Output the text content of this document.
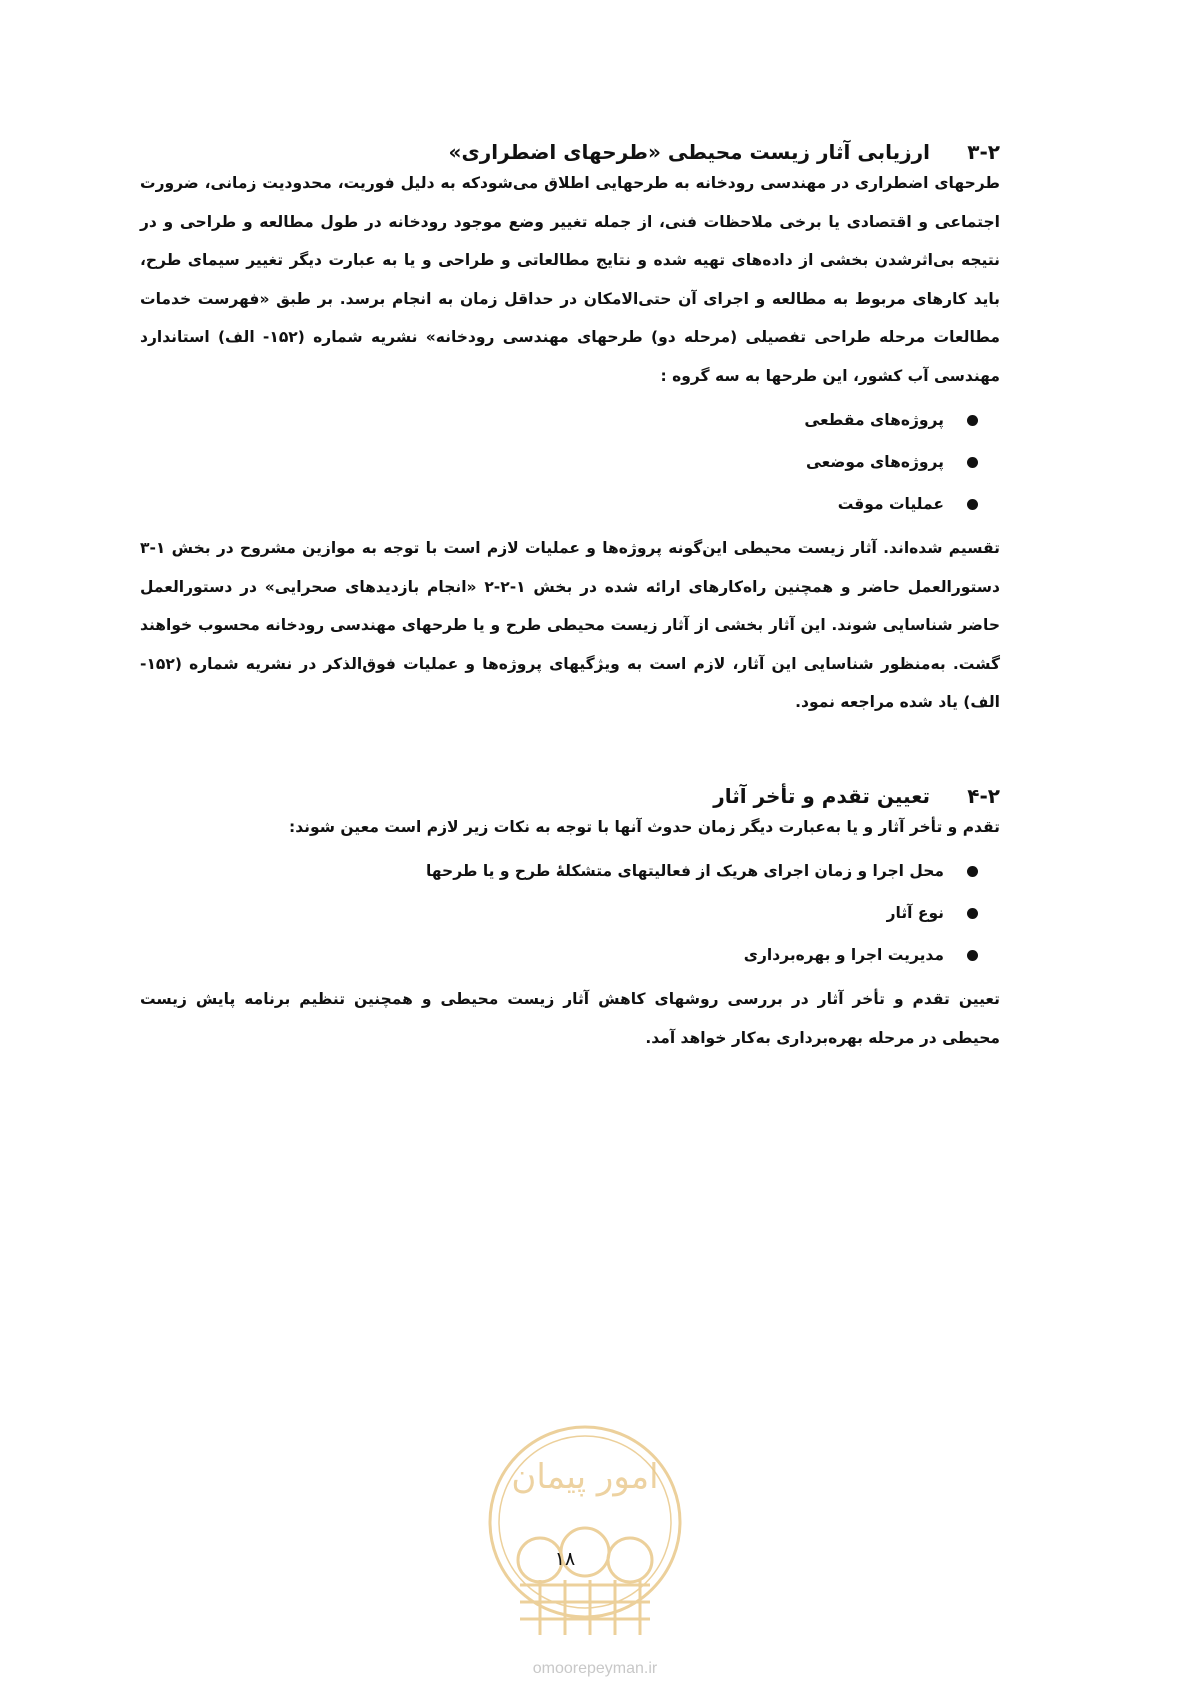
۳-۲
ارزیابی آثار زیست محیطی «طرحهای اضطراری»

طرحهای اضطراری در مهندسی رودخانه به طرحهایی اطلاق می‌شودکه به دلیل فوریت، محدودیت زمانی، ضرورت اجتماعی و اقتصادی یا برخی ملاحظات فنی، از جمله تغییر وضع موجود رودخانه در طول مطالعه و طراحی و در نتیجه بی‌اثرشدن بخشی از داده‌های تهیه شده و نتایج مطالعاتی و طراحی و یا به عبارت دیگر تغییر سیمای طرح، باید کارهای مربوط به مطالعه و اجرای آن حتی‌الامکان در حداقل زمان به انجام برسد. بر طبق «فهرست خدمات مطالعات مرحله طراحی تفصیلی (مرحله دو) طرحهای مهندسی رودخانه» نشریه شماره (۱۵۲- الف) استاندارد مهندسی آب کشور، این طرحها به سه گروه :

پروژه‌های مقطعی
پروژه‌های موضعی
عملیات موقت

تقسیم شده‌اند. آثار زیست محیطی این‌گونه پروژه‌ها و عملیات لازم است با توجه به موازین مشروح در بخش ۱-۳ دستورالعمل حاضر و همچنین راه‌کارهای ارائه شده در بخش ۱-۲-۲ «انجام بازدیدهای صحرایی» در دستورالعمل حاضر شناسایی شوند. این آثار بخشی از آثار زیست محیطی طرح و یا طرحهای مهندسی رودخانه محسوب خواهند گشت. به‌منظور شناسایی این آثار، لازم است به ویژگیهای پروژه‌ها و عملیات فوق‌الذکر در نشریه شماره (۱۵۲-الف) یاد شده مراجعه نمود.

۴-۲
تعیین تقدم و تأخر آثار

تقدم و تأخر آثار و یا به‌عبارت دیگر زمان حدوث آنها با توجه به نکات زیر لازم است معین شوند:

محل اجرا و زمان اجرای هریک از فعالیتهای متشکلۀ طرح و یا طرحها
نوع آثار
مدیریت اجرا و بهره‌برداری

تعیین تقدم و تأخر آثار در بررسی روشهای کاهش آثار زیست محیطی و همچنین تنظیم برنامه پایش زیست محیطی در مرحله بهره‌برداری به‌کار خواهد آمد.

امور پیمان
۱۸
omoorepeyman.ir
